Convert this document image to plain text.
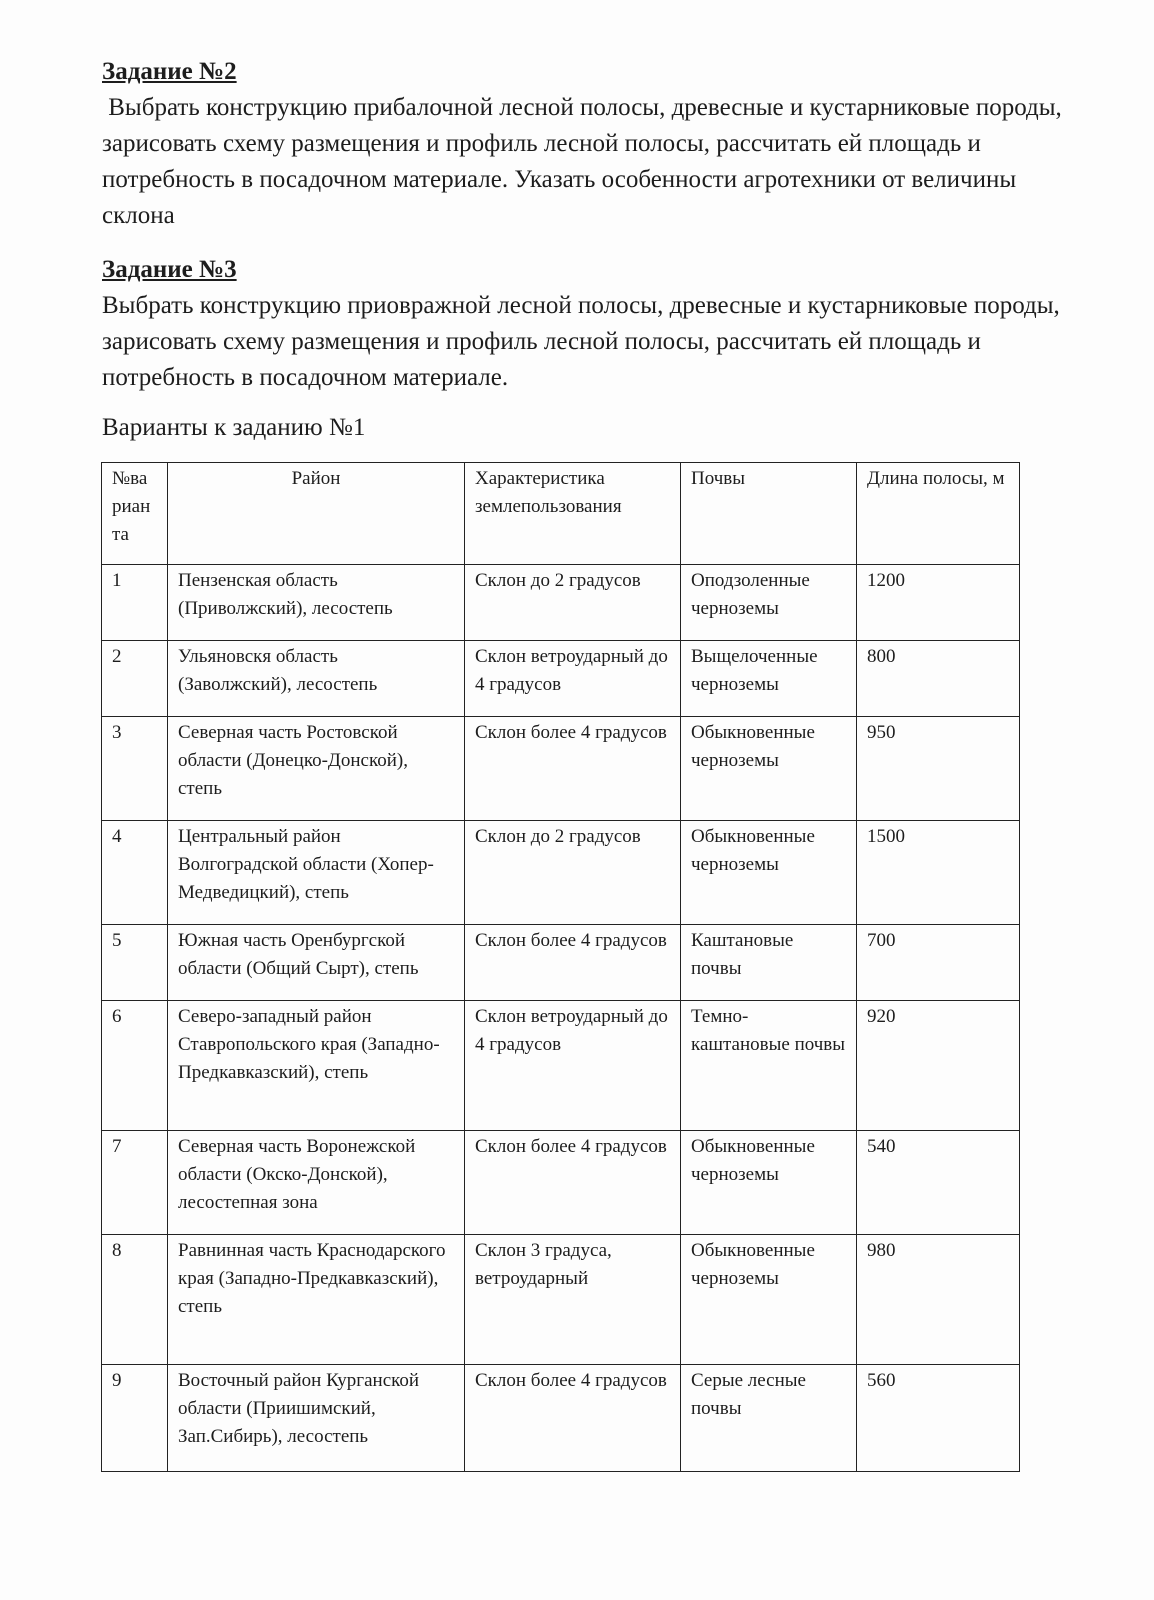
Задание №2

Выбрать конструкцию прибалочной лесной полосы, древесные и кустарниковые породы, зарисовать схему размещения и профиль лесной полосы, рассчитать ей площадь и потребность в посадочном материале. Указать особенности агротехники от величины склона

Задание №3

Выбрать конструкцию приовражной лесной полосы, древесные и кустарниковые породы, зарисовать схему размещения и профиль лесной полосы, рассчитать ей площадь и потребность в посадочном материале.

Варианты к заданию №1

№ва риан та	Район	Характеристика землепользования	Почвы	Длина полосы, м
1	Пензенская область (Приволжский), лесостепь	Склон до 2 градусов	Оподзоленные черноземы	1200
2	Ульяновскя область (Заволжский), лесостепь	Склон ветроударный до 4 градусов	Выщелоченные черноземы	800
3	Северная часть Ростовской области (Донецко-Донской), степь	Склон более 4 градусов	Обыкновенные черноземы	950
4	Центральный район Волгоградской области (Хопер-Медведицкий), степь	Склон до 2 градусов	Обыкновенные черноземы	1500
5	Южная часть Оренбургской области (Общий Сырт), степь	Склон более 4 градусов	Каштановые почвы	700
6	Северо-западный район Ставропольского края (Западно-Предкавказский), степь	Склон ветроударный до 4 градусов	Темно-каштановые почвы	920
7	Северная часть Воронежской области (Окско-Донской), лесостепная зона	Склон более 4 градусов	Обыкновенные черноземы	540
8	Равнинная часть Краснодарского края (Западно-Предкавказский), степь	Склон 3 градуса, ветроударный	Обыкновенные черноземы	980
9	Восточный район Курганской области (Приишимский, Зап.Сибирь), лесостепь	Склон более 4 градусов	Серые лесные почвы	560
